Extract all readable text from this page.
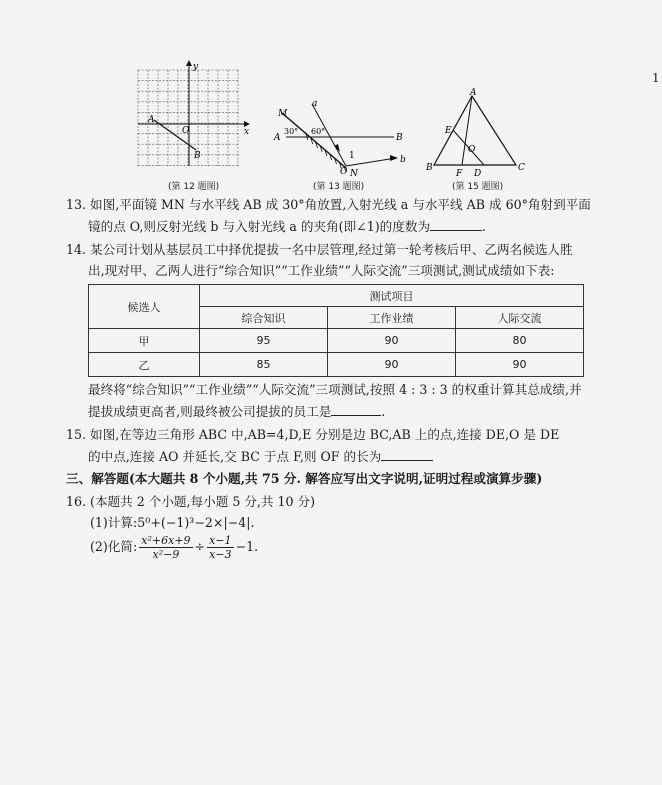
1
y
x
O
A
B
(第 12 题图)
M
A	B
N
O
a
b
1
30° 60°
(第 13 题图)
A
B	C
E
O
F D
(第 15 题图)
13. 如图,平面镜 MN 与水平线 AB 成 30°角放置,入射光线 a 与水平线 AB 成 60°角射到平面
镜的点 O,则反射光线 b 与入射光线 a 的夹角(即∠1)的度数为	.
14. 某公司计划从基层员工中择优提拔一名中层管理,经过第一轮考核后甲、乙两名候选人胜
出,现对甲、乙两人进行“综合知识”“工作业绩”“人际交流”三项测试,测试成绩如下表:
候选人	测试项目		
	综合知识	工作业绩	人际交流
甲	95	90	80
乙	85	90	90
最终将“综合知识”“工作业绩”“人际交流”三项测试,按照 4 : 3 : 3 的权重计算其总成绩,并
提拔成绩更高者,则最终被公司提拔的员工是	.
15. 如图,在等边三角形 ABC 中,AB=4,D,E 分别是边 BC,AB 上的点,连接 DE,O 是 DE
的中点,连接 AO 并延长,交 BC 于点 F,则 OF 的长为
三、解答题(本大题共 8 个小题,共 75 分. 解答应写出文字说明,证明过程或演算步骤)
16. (本题共 2 个小题,每小题 5 分,共 10 分)
(1)计算:5⁰+(−1)³−2×|−4|.
(2)化简: $\frac{\text{x²+6x+9}}{\text{x²−9}} \div \frac{x-1}{x-3} -1$.
